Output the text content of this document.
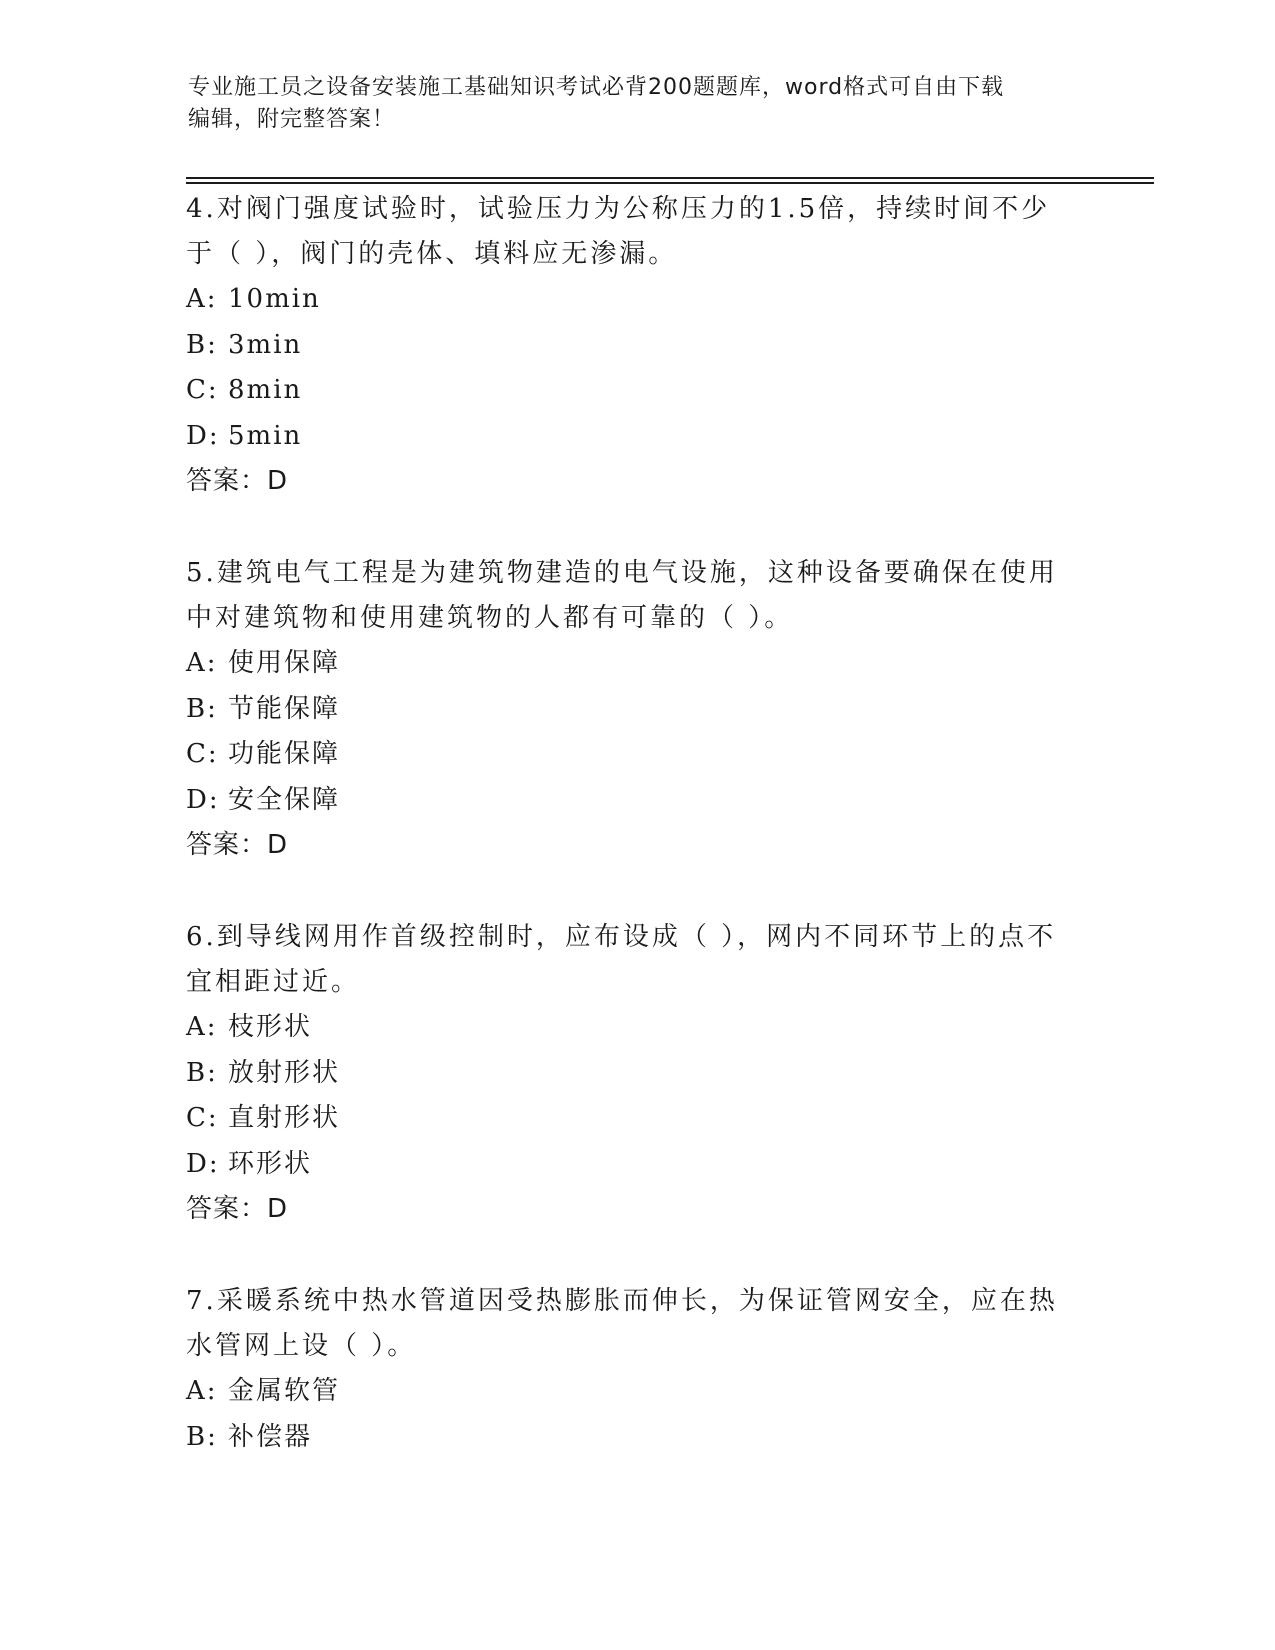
专业施工员之设备安装施工基础知识考试必背200题题库，word格式可自由下载
编辑，附完整答案！

4.对阀门强度试验时，试验压力为公称压力的1.5倍，持续时间不少
于（ ），阀门的壳体、填料应无渗漏。

A: 10min

B: 3min

C: 8min

D: 5min

答案：D

5.建筑电气工程是为建筑物建造的电气设施，这种设备要确保在使用
中对建筑物和使用建筑物的人都有可靠的（ ）。

A: 使用保障

B: 节能保障

C: 功能保障

D: 安全保障

答案：D

6.到导线网用作首级控制时，应布设成（ ），网内不同环节上的点不
宜相距过近。

A: 枝形状

B: 放射形状

C: 直射形状

D: 环形状

答案：D

7.采暖系统中热水管道因受热膨胀而伸长，为保证管网安全，应在热
水管网上设（ ）。

A: 金属软管

B: 补偿器
